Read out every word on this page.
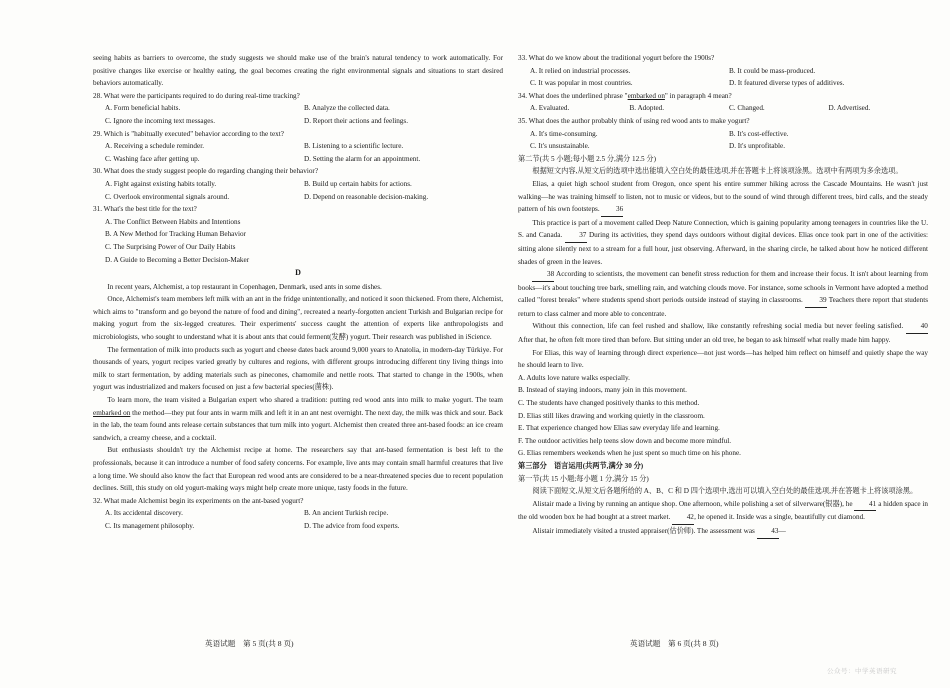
seeing habits as barriers to overcome, the study suggests we should make use of the brain's natural tendency to work automatically. For positive changes like exercise or healthy eating, the goal becomes creating the right environmental signals and situations to start desired behaviors automatically.

28. What were the participants required to do during real-time tracking?

A. Form beneficial habits.	B. Analyze the collected data.
C. Ignore the incoming text messages.	D. Report their actions and feelings.

29. Which is "habitually executed" behavior according to the text?

A. Receiving a schedule reminder.	B. Listening to a scientific lecture.
C. Washing face after getting up.	D. Setting the alarm for an appointment.

30. What does the study suggest people do regarding changing their behavior?

A. Fight against existing habits totally.	B. Build up certain habits for actions.
C. Overlook environmental signals around.	D. Depend on reasonable decision-making.

31. What's the best title for the text?

A. The Conflict Between Habits and Intentions
B. A New Method for Tracking Human Behavior
C. The Surprising Power of Our Daily Habits
D. A Guide to Becoming a Better Decision-Maker
D

In recent years, Alchemist, a top restaurant in Copenhagen, Denmark, used ants in some dishes.

Once, Alchemist's team members left milk with an ant in the fridge unintentionally, and noticed it soon thickened. From there, Alchemist, which aims to "transform and go beyond the nature of food and dining", recreated a nearly-forgotten ancient Turkish and Bulgarian recipe for making yogurt from the six-legged creatures. Their experiments' success caught the attention of experts like anthropologists and microbiologists, who sought to understand what it is about ants that could ferment(发酵) yogurt. Their research was published in iScience.

The fermentation of milk into products such as yogurt and cheese dates back around 9,000 years to Anatolia, in modern-day Türkiye. For thousands of years, yogurt recipes varied greatly by cultures and regions, with different groups introducing different tiny living things into milk to start fermentation, by adding materials such as pinecones, chamomile and nettle roots. That started to change in the 1900s, when yogurt was industrialized and makers focused on just a few bacterial species(菌株).

To learn more, the team visited a Bulgarian expert who shared a tradition: putting red wood ants into milk to make yogurt. The team embarked on the method—they put four ants in warm milk and left it in an ant nest overnight. The next day, the milk was thick and sour. Back in the lab, the team found ants release certain substances that turn milk into yogurt. Alchemist then created three ant-based foods: an ice cream sandwich, a creamy cheese, and a cocktail.

But enthusiasts shouldn't try the Alchemist recipe at home. The researchers say that ant-based fermentation is best left to the professionals, because it can introduce a number of food safety concerns. For example, live ants may contain small harmful creatures that live a long time. We should also know the fact that European red wood ants are considered to be a near-threatened species due to recent population declines. Still, this study on old yogurt-making ways might help create more unique, tasty foods in the future.

32. What made Alchemist begin its experiments on the ant-based yogurt?

A. Its accidental discovery.	B. An ancient Turkish recipe.
C. Its management philosophy.	D. The advice from food experts.

33. What do we know about the traditional yogurt before the 1900s?

A. It relied on industrial processes.	B. It could be mass-produced.
C. It was popular in most countries.	D. It featured diverse types of additives.

34. What does the underlined phrase "embarked on" in paragraph 4 mean?

A. Evaluated.	B. Adopted.	C. Changed.	D. Advertised.

35. What does the author probably think of using red wood ants to make yogurt?

A. It's time-consuming.	B. It's cost-effective.
C. It's unsustainable.	D. It's unprofitable.

第二节(共 5 小题;每小题 2.5 分,满分 12.5 分)

根据短文内容,从短文后的选项中选出能填入空白处的最佳选项,并在答题卡上将该项涂黑。选项中有两项为多余选项。

Elias, a quiet high school student from Oregon, once spent his entire summer hiking across the Cascade Mountains. He wasn't just walking—he was training himself to listen, not to music or videos, but to the sound of wind through different trees, bird calls, and the steady pattern of his own footsteps. 36

This practice is part of a movement called Deep Nature Connection, which is gaining popularity among teenagers in countries like the U. S. and Canada. 37 During its activities, they spend days outdoors without digital devices. Elias once took part in one of the activities: sitting alone silently next to a stream for a full hour, just observing. Afterward, in the sharing circle, he talked about how he noticed different shades of green in the leaves.

38 According to scientists, the movement can benefit stress reduction for them and increase their focus. It isn't about learning from books—it's about touching tree bark, smelling rain, and watching clouds move. For instance, some schools in Vermont have adopted a method called "forest breaks" where students spend short periods outside instead of staying in classrooms. 39 Teachers there report that students return to class calmer and more able to concentrate.

Without this connection, life can feel rushed and shallow, like constantly refreshing social media but never feeling satisfied. 40 After that, he often felt more tired than before. But sitting under an old tree, he began to ask himself what really made him happy.

For Elias, this way of learning through direct experience—not just words—has helped him reflect on himself and quietly shape the way he should learn to live.

A. Adults love nature walks especially.
B. Instead of staying indoors, many join in this movement.
C. The students have changed positively thanks to this method.
D. Elias still likes drawing and working quietly in the classroom.
E. That experience changed how Elias saw everyday life and learning.
F. The outdoor activities help teens slow down and become more mindful.
G. Elias remembers weekends when he just spent so much time on his phone.

第三部分　语言运用(共两节,满分 30 分)

第一节(共 15 小题;每小题 1 分,满分 15 分)

阅读下面短文,从短文后各题所给的 A、B、C 和 D 四个选项中,选出可以填入空白处的最佳选项,并在答题卡上将该项涂黑。

Alistair made a living by running an antique shop. One afternoon, while polishing a set of silverware(银器), he 41 a hidden space in the old wooden box he had bought at a street market. 42, he opened it. Inside was a single, beautifully cut diamond.

Alistair immediately visited a trusted appraiser(估价师). The assessment was 43—

英语试题　第 5 页(共 8 页)	英语试题　第 6 页(共 8 页)
公众号：中学英语研究
